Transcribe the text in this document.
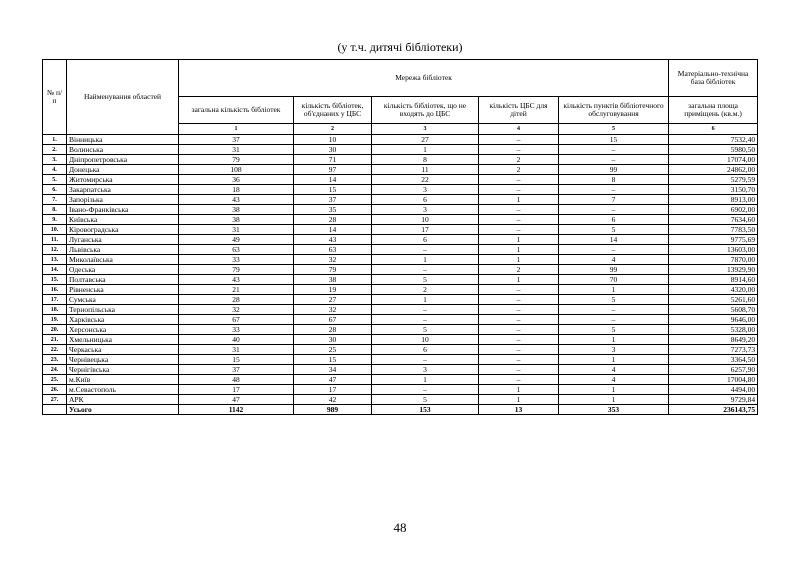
(у т.ч. дитячі бібліотеки)
№ п/п	Найменування областей	Мережа бібліотек					Матеріально-технічна база бібліотек
		загальна кількість бібліотек	кількість бібліотек, об'єднаних у ЦБС	кількість бібліотек, що не входять до ЦБС	кількість ЦБС для дітей	кількість пунктів бібліотечного обслуговування	загальна площа приміщень (кв.м.)
		1	2	3	4	5	6
1.	Вінницька	37	10	27	–	15	7532,40
2.	Волинська	31	30	1	–	–	5980,50
3.	Дніпропетровська	79	71	8	2	–	17074,00
4.	Донецька	108	97	11	2	99	24862,00
5.	Житомирська	36	14	22	–	8	5279,59
6.	Закарпатська	18	15	3	–	–	3150,70
7.	Запорізька	43	37	6	1	7	8913,00
8.	Івано-Франківська	38	35	3	–	–	6902,00
9.	Київська	38	28	10	–	6	7634,60
10.	Кіровоградська	31	14	17	–	5	7783,50
11.	Луганська	49	43	6	1	14	9775,69
12.	Львівська	63	63	–	1	–	13603,00
13.	Миколаївська	33	32	1	1	4	7870,00
14.	Одеська	79	79	–	2	99	13929,90
15.	Полтавська	43	38	5	1	70	8914,60
16.	Рівненська	21	19	2	–	1	4320,00
17.	Сумська	28	27	1	–	5	5261,60
18.	Тернопільська	32	32	–	–	–	5608,70
19.	Харківська	67	67	–	–	–	9646,00
20.	Херсонська	33	28	5	–	5	5328,00
21.	Хмельницька	40	30	10	–	1	8649,20
22.	Черкаська	31	25	6	–	3	7273,73
23.	Чернівецька	15	15	–	–	1	3364,50
24.	Чернігівська	37	34	3	–	4	6257,90
25.	м.Київ	48	47	1	–	4	17004,80
26.	м.Севастополь	17	17	–	1	1	4494,00
27.	АРК	47	42	5	1	1	9729,84
	Усього	1142	989	153	13	353	236143,75
48
